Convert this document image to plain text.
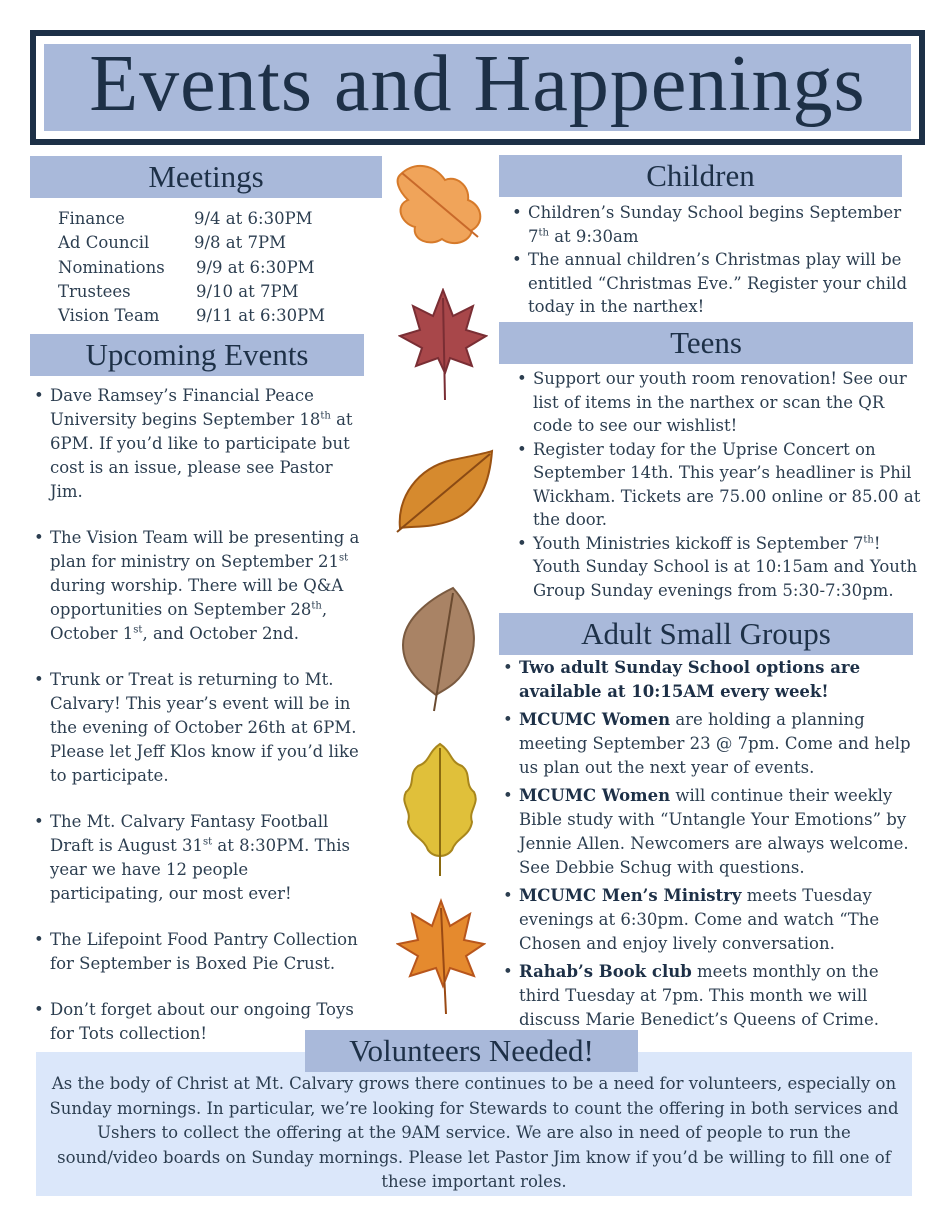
Events and Happenings
Meetings
Finance	9/4 at 6:30PM
Ad Council	9/8 at 7PM
Nominations 9/9 at 6:30PM
Trustees	9/10 at 7PM
Vision Team 9/11 at 6:30PM
Upcoming Events
• Dave Ramsey’s Financial Peace University begins September 18th at 6PM. If you’d like to participate but cost is an issue, please see Pastor Jim.
• The Vision Team will be presenting a plan for ministry on September 21st during worship. There will be Q&A opportunities on September 28th, October 1st, and October 2nd.
• Trunk or Treat is returning to Mt. Calvary! This year’s event will be in the evening of October 26th at 6PM. Please let Jeff Klos know if you’d like to participate.
• The Mt. Calvary Fantasy Football Draft is August 31st at 8:30PM. This year we have 12 people participating, our most ever!
• The Lifepoint Food Pantry Collection for September is Boxed Pie Crust.
• Don’t forget about our ongoing Toys for Tots collection!
Children
• Children’s Sunday School begins September 7th at 9:30am
• The annual children’s Christmas play will be entitled “Christmas Eve.” Register your child today in the narthex!
Teens
• Support our youth room renovation! See our list of items in the narthex or scan the QR code to see our wishlist!
• Register today for the Uprise Concert on September 14th. This year’s headliner is Phil Wickham. Tickets are 75.00 online or 85.00 at the door.
• Youth Ministries kickoff is September 7th! Youth Sunday School is at 10:15am and Youth Group Sunday evenings from 5:30-7:30pm.
Adult Small Groups
• Two adult Sunday School options are available at 10:15AM every week!
• MCUMC Women are holding a planning meeting September 23 @ 7pm. Come and help us plan out the next year of events.
• MCUMC Women will continue their weekly Bible study with “Untangle Your Emotions” by Jennie Allen. Newcomers are always welcome. See Debbie Schug with questions.
• MCUMC Men’s Ministry meets Tuesday evenings at 6:30pm. Come and watch “The Chosen and enjoy lively conversation.
• Rahab’s Book club meets monthly on the third Tuesday at 7pm. This month we will discuss Marie Benedict’s Queens of Crime.
As the body of Christ at Mt. Calvary grows there continues to be a need for volunteers, especially on Sunday mornings. In particular, we’re looking for Stewards to count the offering in both services and Ushers to collect the offering at the 9AM service. We are also in need of people to run the sound/video boards on Sunday mornings. Please let Pastor Jim know if you’d be willing to fill one of these important roles.
Volunteers Needed!
